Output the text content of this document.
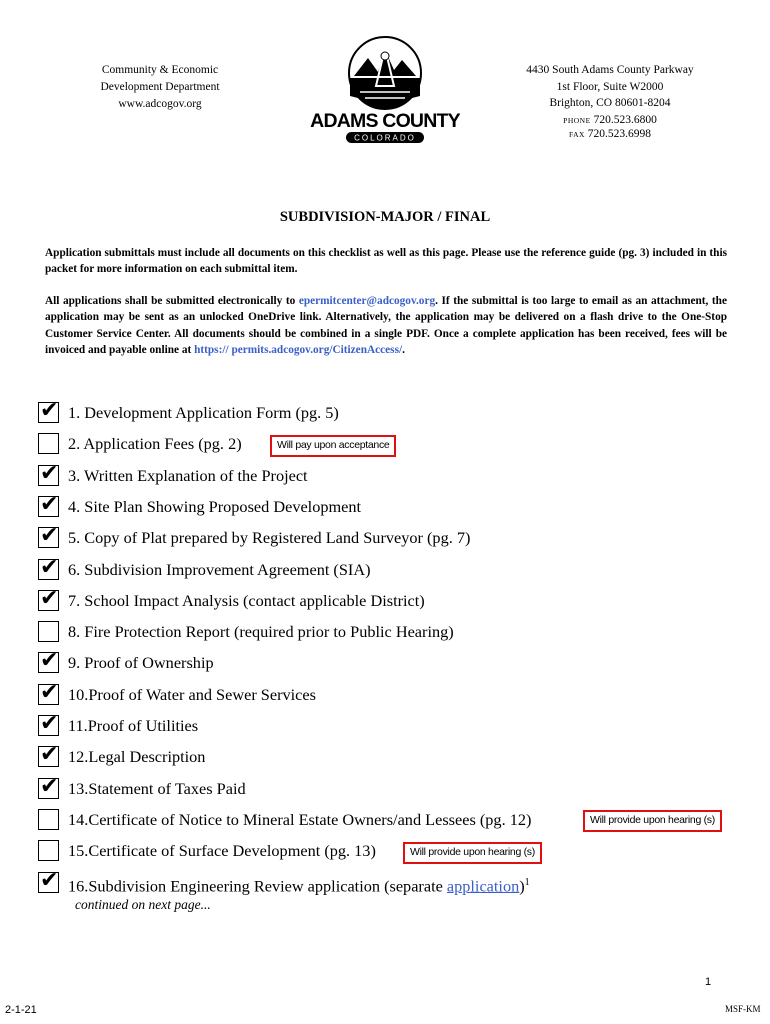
Community & Economic
Development Department
www.adcogov.org
ADAMS COUNTY
COLORADO
4430 South Adams County Parkway
1st Floor, Suite W2000
Brighton, CO 80601-8204
PHONE 720.523.6800
FAX 720.523.6998
SUBDIVISION-MAJOR / FINAL
Application submittals must include all documents on this checklist as well as this page. Please use the reference guide (pg. 3) included in this packet for more information on each submittal item.
All applications shall be submitted electronically to epermitcenter@adcogov.org. If the submittal is too large to email as an attachment, the application may be sent as an unlocked OneDrive link. Alternatively, the application may be delivered on a flash drive to the One-Stop Customer Service Center. All documents should be combined in a single PDF. Once a complete application has been received, fees will be invoiced and payable online at https:// permits.adcogov.org/CitizenAccess/.
✔ 1. Development Application Form (pg. 5)
2. Application Fees (pg. 2)	Will pay upon acceptance
✔ 3. Written Explanation of the Project
✔ 4. Site Plan Showing Proposed Development
✔ 5. Copy of Plat prepared by Registered Land Surveyor (pg. 7)
✔ 6. Subdivision Improvement Agreement (SIA)
✔ 7. School Impact Analysis (contact applicable District)
8. Fire Protection Report (required prior to Public Hearing)
✔ 9. Proof of Ownership
✔ 10.Proof of Water and Sewer Services
✔ 11.Proof of Utilities
✔ 12.Legal Description
✔ 13.Statement of Taxes Paid
14.Certificate of Notice to Mineral Estate Owners/and Lessees (pg. 12)	Will provide upon hearing (s)
15.Certificate of Surface Development (pg. 13)	Will provide upon hearing (s)
✔ 16.Subdivision Engineering Review application (separate application)$^1$
continued on next page...
1
2-1-21	MSF-KM
